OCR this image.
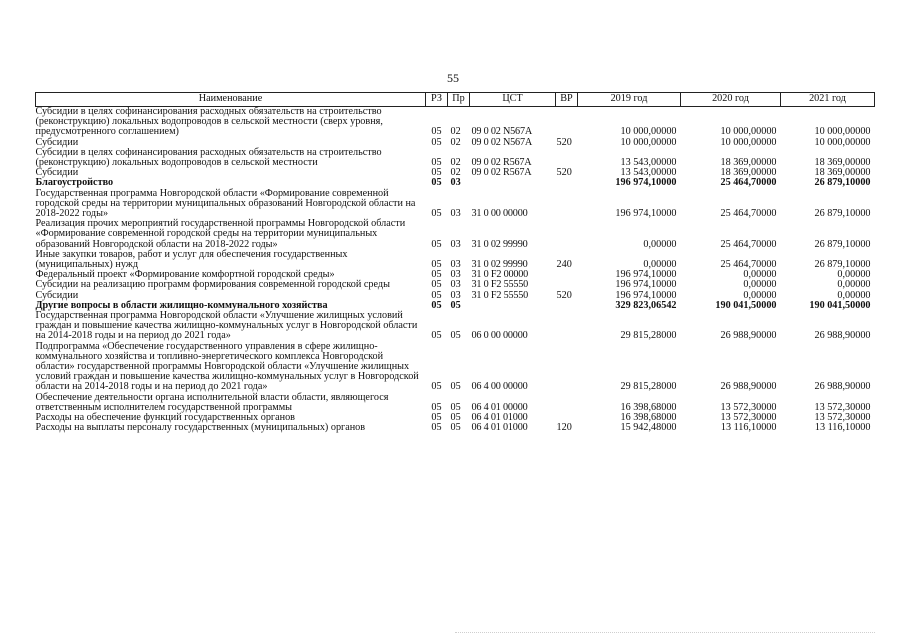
55
Наименование	РЗ	Пр	ЦСТ	ВР	2019 год	2020 год	2021 год
Субсидии в целях софинансирования расходных обязательств на строительство (реконструкцию) локальных водопроводов в сельской местности (сверх уровня, предусмотренного соглашением)	05	02	09 0 02 N567A		10 000,00000	10 000,00000	10 000,00000
Субсидии	05	02	09 0 02 N567A	520	10 000,00000	10 000,00000	10 000,00000
Субсидии в целях софинансирования расходных обязательств на строительство (реконструкцию) локальных водопроводов в сельской местности	05	02	09 0 02 R567A		13 543,00000	18 369,00000	18 369,00000
Субсидии	05	02	09 0 02 R567A	520	13 543,00000	18 369,00000	18 369,00000
Благоустройство	05	03			196 974,10000	25 464,70000	26 879,10000
Государственная программа Новгородской области «Формирование современной городской среды на территории муниципальных образований Новгородской области на 2018-2022 годы»	05	03	31 0 00 00000		196 974,10000	25 464,70000	26 879,10000
Реализация прочих мероприятий государственной программы Новгородской области «Формирование современной городской среды на территории муниципальных образований Новгородской области на 2018-2022 годы»	05	03	31 0 02 99990		0,00000	25 464,70000	26 879,10000
Иные закупки товаров, работ и услуг для обеспечения государственных (муниципальных) нужд	05	03	31 0 02 99990	240	0,00000	25 464,70000	26 879,10000
Федеральный проект «Формирование комфортной городской среды»	05	03	31 0 F2 00000		196 974,10000	0,00000	0,00000
Субсидии на реализацию программ формирования современной городской среды	05	03	31 0 F2 55550		196 974,10000	0,00000	0,00000
Субсидии	05	03	31 0 F2 55550	520	196 974,10000	0,00000	0,00000
Другие вопросы в области жилищно-коммунального хозяйства	05	05			329 823,06542	190 041,50000	190 041,50000
Государственная программа Новгородской области «Улучшение жилищных условий граждан и повышение качества жилищно-коммунальных услуг в Новгородской области на 2014-2018 годы и на период до 2021 года»	05	05	06 0 00 00000		29 815,28000	26 988,90000	26 988,90000
Подпрограмма «Обеспечение государственного управления в сфере жилищно-коммунального хозяйства и топливно-энергетического комплекса Новгородской области» государственной программы Новгородской области «Улучшение жилищных условий граждан и повышение качества жилищно-коммунальных услуг в Новгородской области на 2014-2018 годы и на период до 2021 года»	05	05	06 4 00 00000		29 815,28000	26 988,90000	26 988,90000
Обеспечение деятельности органа исполнительной власти области, являющегося ответственным исполнителем государственной программы	05	05	06 4 01 00000		16 398,68000	13 572,30000	13 572,30000
Расходы на обеспечение функций государственных органов	05	05	06 4 01 01000		16 398,68000	13 572,30000	13 572,30000
Расходы на выплаты персоналу государственных (муниципальных) органов	05	05	06 4 01 01000	120	15 942,48000	13 116,10000	13 116,10000
